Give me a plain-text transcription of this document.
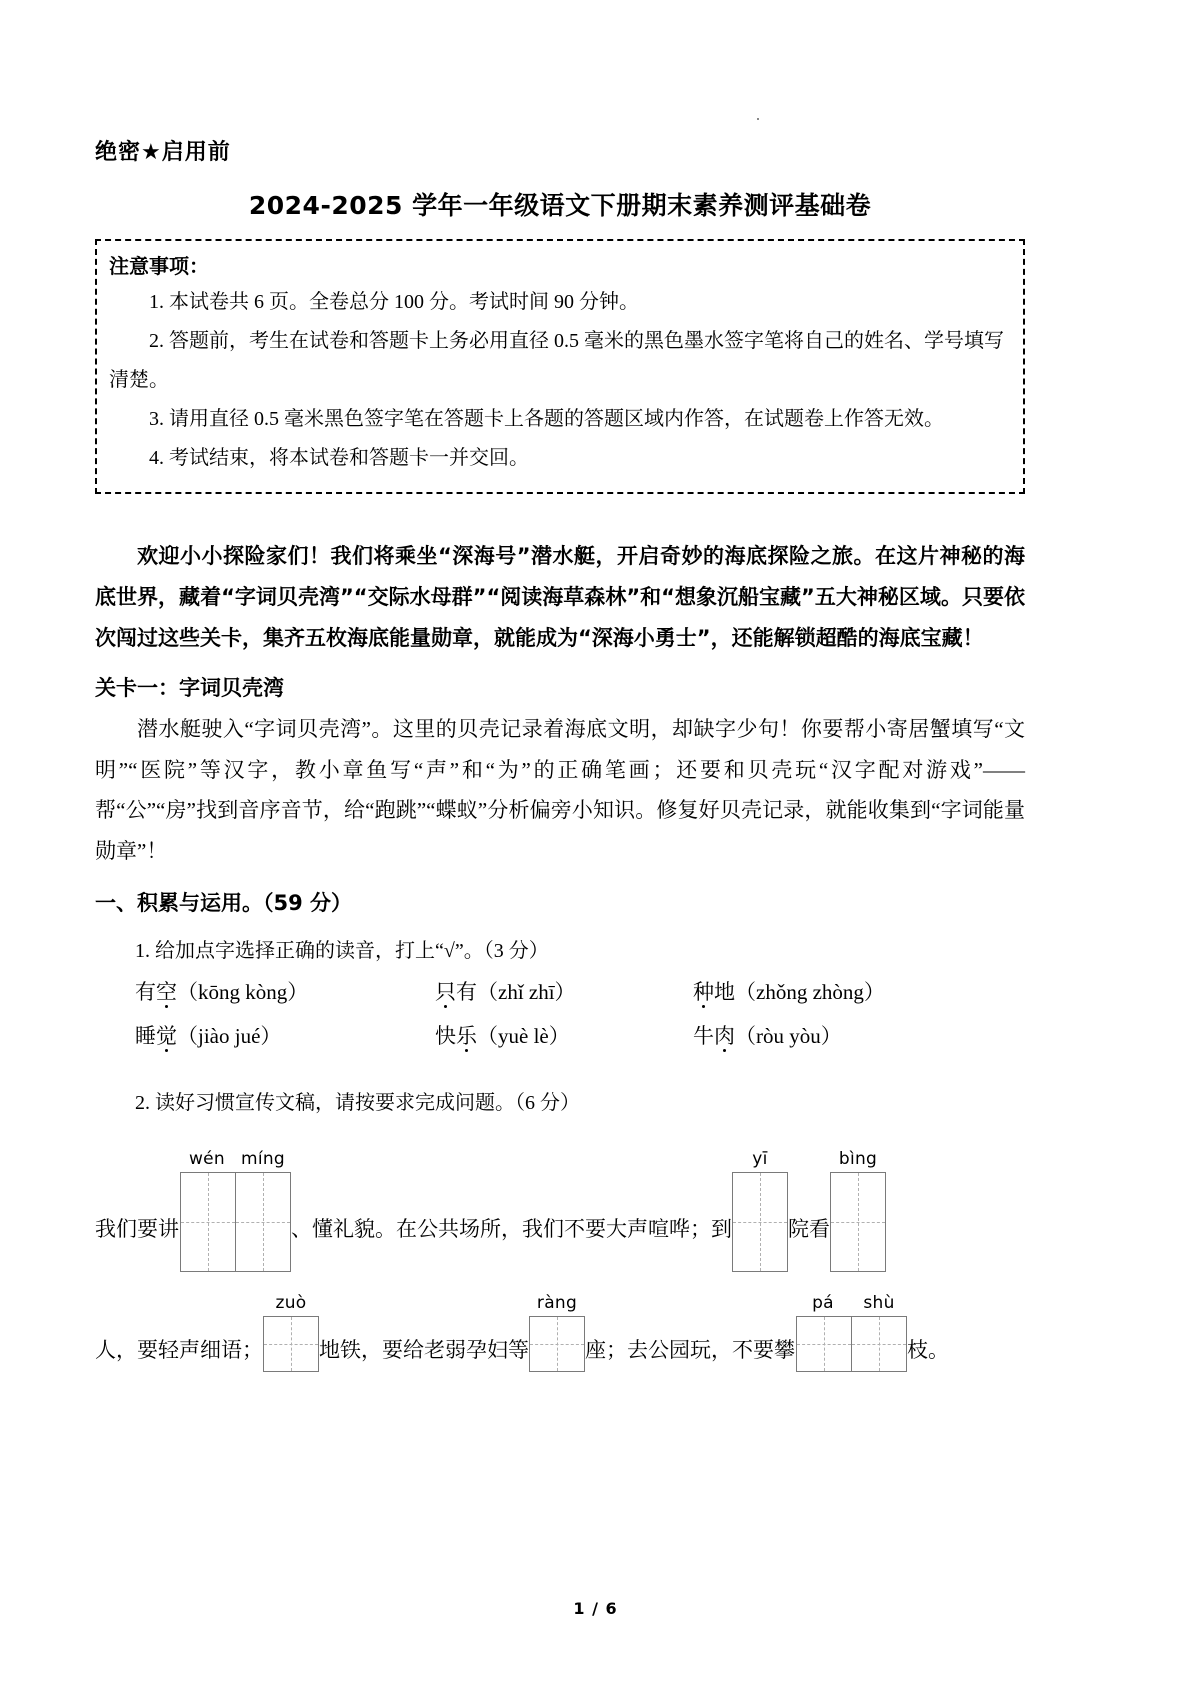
绝密★启用前
2024-2025 学年一年级语文下册期末素养测评基础卷
注意事项：
1. 本试卷共 6 页。全卷总分 100 分。考试时间 90 分钟。
2. 答题前，考生在试卷和答题卡上务必用直径 0.5 毫米的黑色墨水签字笔将自己的姓名、学号填写清楚。
3. 请用直径 0.5 毫米黑色签字笔在答题卡上各题的答题区域内作答，在试题卷上作答无效。
4. 考试结束，将本试卷和答题卡一并交回。
欢迎小小探险家们！我们将乘坐“深海号”潜水艇，开启奇妙的海底探险之旅。在这片神秘的海底世界，藏着“字词贝壳湾”“交际水母群”“阅读海草森林”和“想象沉船宝藏”五大神秘区域。只要依次闯过这些关卡，集齐五枚海底能量勋章，就能成为“深海小勇士”，还能解锁超酷的海底宝藏！
关卡一：字词贝壳湾
潜水艇驶入“字词贝壳湾”。这里的贝壳记录着海底文明，却缺字少句！你要帮小寄居蟹填写“文明”“医院”等汉字，教小章鱼写“声”和“为”的正确笔画；还要和贝壳玩“汉字配对游戏”——帮“公”“房”找到音序音节，给“跑跳”“蝶蚁”分析偏旁小知识。修复好贝壳记录，就能收集到“字词能量勋章”！
一、积累与运用。（59 分）
1. 给加点字选择正确的读音，打上“√”。（3 分）
有空（kōng kòng）	只有（zhǐ zhī）	种地（zhǒng zhòng）
睡觉（jiào jué）	快乐（yuè lè）	牛肉（ròu yòu）
2. 读好习惯宣传文稿，请按要求完成问题。（6 分）
我们要讲
wén míng
、懂礼貌。在公共场所，我们不要大声喧哗；到
yī
院看
bìng
人，要轻声细语；
zuò
地铁，要给老弱孕妇等
ràng
座；去公园玩，不要攀
pá shù
枝。
1 / 6
